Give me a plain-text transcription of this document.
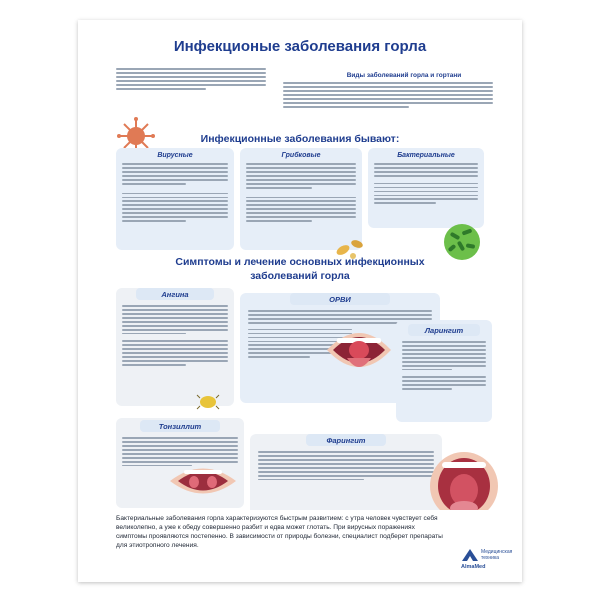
Инфекционые заболевания горла
Виды заболеваний горла и гортани
Инфекционные заболевания бывают:
Вирусные	Грибковые	Бактериальные
Симптомы и лечение основных инфекционных
заболеваний горла
Ангина
ОРВИ
Ларингит
Тонзиллит
Фарингит
Бактериальные заболевания горла характеризуются быстрым развитием: с утра человек чувствует себя великолепно, а уже к обеду совершенно разбит и едва может глотать. При вирусных поражениях симптомы проявляются постепенно. В зависимости от природы болезни, специалист подберет препараты для этиотропного лечения.
AlmaMed
Медицинская
техника
